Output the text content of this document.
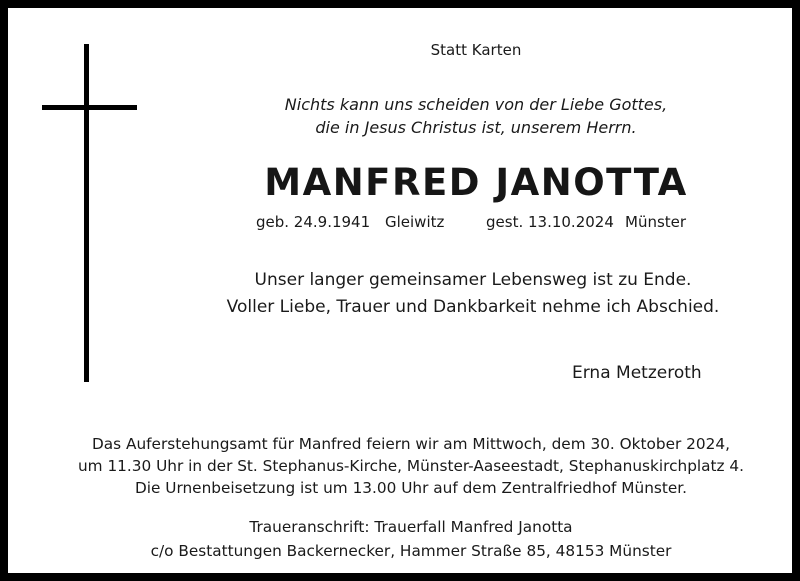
Statt Karten
Nichts kann uns scheiden von der Liebe Gottes,
die in Jesus Christus ist, unserem Herrn.
MANFRED JANOTTA
geb. 24.9.1941 Gleiwitz	gest. 13.10.2024 Münster
Unser langer gemeinsamer Lebensweg ist zu Ende.
Voller Liebe, Trauer und Dankbarkeit nehme ich Abschied.
Erna Metzeroth
Das Auferstehungsamt für Manfred feiern wir am Mittwoch, dem 30. Oktober 2024,
um 11.30 Uhr in der St. Stephanus-Kirche, Münster-Aaseestadt, Stephanuskirchplatz 4.
Die Urnenbeisetzung ist um 13.00 Uhr auf dem Zentralfriedhof Münster.
Traueranschrift: Trauerfall Manfred Janotta
c/o Bestattungen Backernecker, Hammer Straße 85, 48153 Münster
